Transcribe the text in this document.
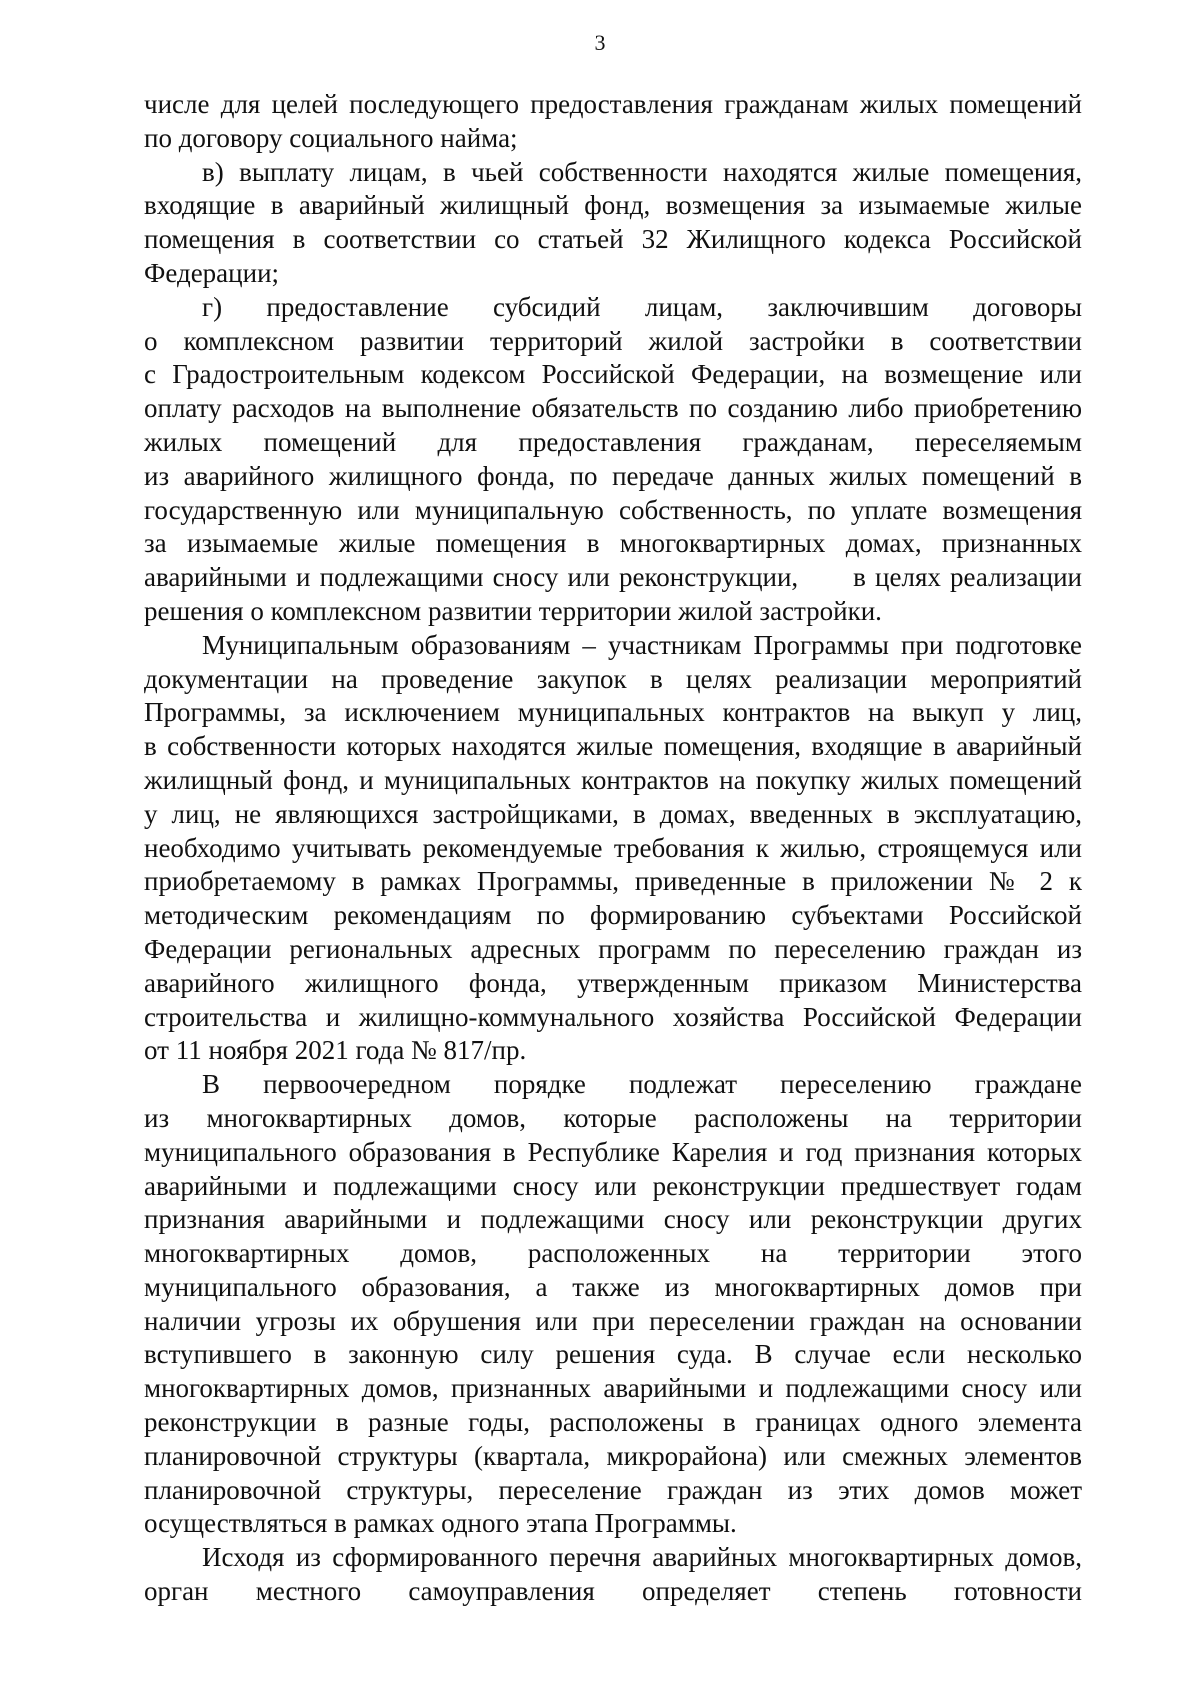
3
числе для целей последующего предоставления гражданам жилых помещений
по договору социального найма;
в) выплату лицам, в чьей собственности находятся жилые помещения,
входящие в аварийный жилищный фонд, возмещения за изымаемые жилые
помещения в соответствии со статьей 32 Жилищного кодекса Российской
Федерации;
г) предоставление субсидий лицам, заключившим договоры
о комплексном развитии территорий жилой застройки в соответствии
с Градостроительным кодексом Российской Федерации, на возмещение или
оплату расходов на выполнение обязательств по созданию либо приобретению
жилых помещений для предоставления гражданам, переселяемым
из аварийного жилищного фонда, по передаче данных жилых помещений в
государственную или муниципальную собственность, по уплате возмещения
за изымаемые жилые помещения в многоквартирных домах, признанных
аварийными и подлежащими сносу или реконструкции,      в целях реализации
решения о комплексном развитии территории жилой застройки.
Муниципальным образованиям – участникам Программы при подготовке
документации на проведение закупок в целях реализации мероприятий
Программы, за исключением муниципальных контрактов на выкуп у лиц,
в собственности которых находятся жилые помещения, входящие в аварийный
жилищный фонд, и муниципальных контрактов на покупку жилых помещений
у лиц, не являющихся застройщиками, в домах, введенных в эксплуатацию,
необходимо учитывать рекомендуемые требования к жилью, строящемуся или
приобретаемому в рамках Программы, приведенные в приложении № 2 к
методическим рекомендациям по формированию субъектами Российской
Федерации региональных адресных программ по переселению граждан из
аварийного жилищного фонда, утвержденным приказом Министерства
строительства и жилищно-коммунального хозяйства Российской Федерации
от 11 ноября 2021 года № 817/пр.
В первоочередном порядке подлежат переселению граждане
из многоквартирных домов, которые расположены на территории
муниципального образования в Республике Карелия и год признания которых
аварийными и подлежащими сносу или реконструкции предшествует годам
признания аварийными и подлежащими сносу или реконструкции других
многоквартирных домов, расположенных на территории этого
муниципального образования, а также из многоквартирных домов при
наличии угрозы их обрушения или при переселении граждан на основании
вступившего в законную силу решения суда. В случае если несколько
многоквартирных домов, признанных аварийными и подлежащими сносу или
реконструкции в разные годы, расположены в границах одного элемента
планировочной структуры (квартала, микрорайона) или смежных элементов
планировочной структуры, переселение граждан из этих домов может
осуществляться в рамках одного этапа Программы.
Исходя из сформированного перечня аварийных многоквартирных домов,
орган местного самоуправления определяет степень готовности
